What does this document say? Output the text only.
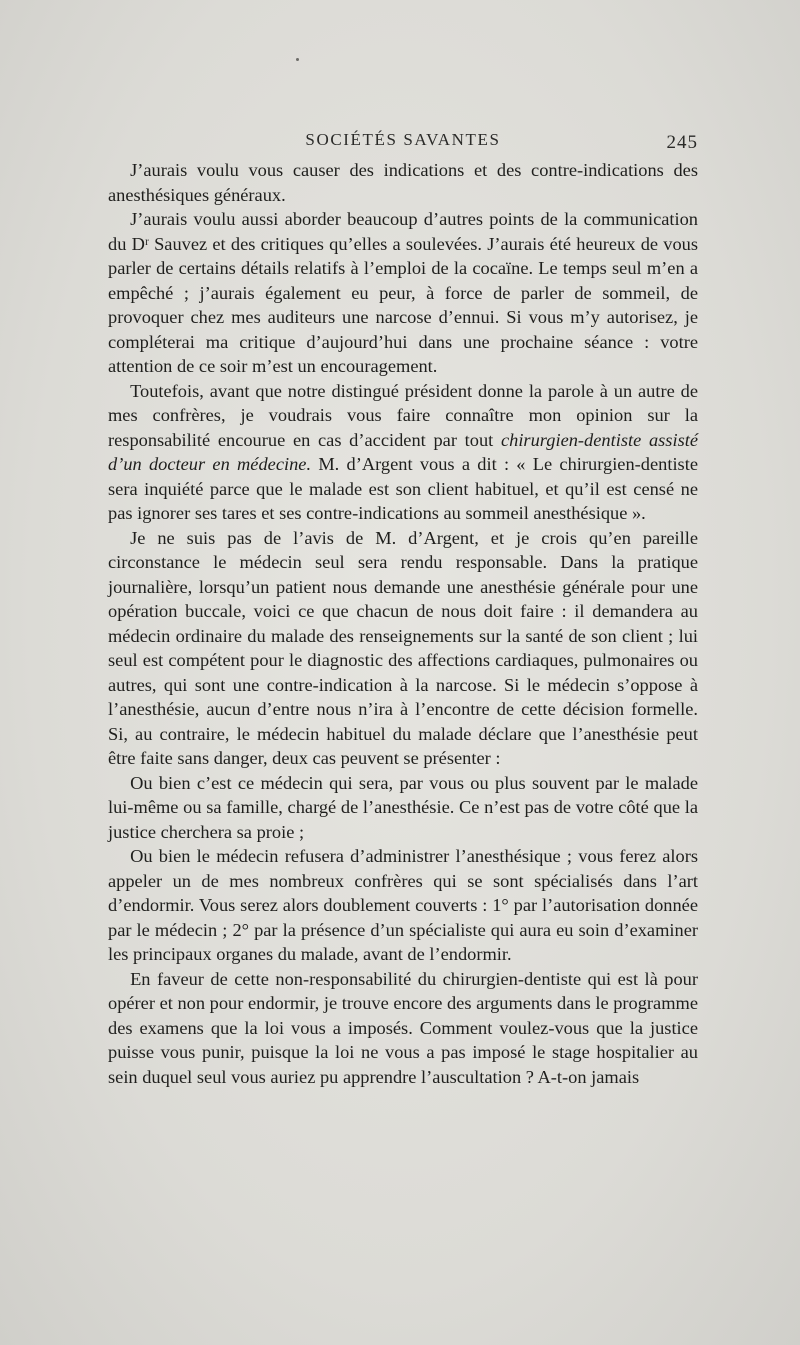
SOCIÉTÉS SAVANTES	245

J’aurais voulu vous causer des indications et des contre-indications des anesthésiques généraux.

J’aurais voulu aussi aborder beaucoup d’autres points de la communication du Dʳ Sauvez et des critiques qu’elles a soulevées. J’aurais été heureux de vous parler de certains détails relatifs à l’emploi de la cocaïne. Le temps seul m’en a empêché ; j’aurais également eu peur, à force de parler de sommeil, de provoquer chez mes auditeurs une narcose d’ennui. Si vous m’y autorisez, je compléterai ma critique d’aujourd’hui dans une prochaine séance : votre attention de ce soir m’est un encouragement.

Toutefois, avant que notre distingué président donne la parole à un autre de mes confrères, je voudrais vous faire connaître mon opinion sur la responsabilité encourue en cas d’accident par tout chirurgien-dentiste assisté d’un docteur en médecine. M. d’Argent vous a dit : « Le chirurgien-dentiste sera inquiété parce que le malade est son client habituel, et qu’il est censé ne pas ignorer ses tares et ses contre-indications au sommeil anesthésique ».

Je ne suis pas de l’avis de M. d’Argent, et je crois qu’en pareille circonstance le médecin seul sera rendu responsable. Dans la pratique journalière, lorsqu’un patient nous demande une anesthésie générale pour une opération buccale, voici ce que chacun de nous doit faire : il demandera au médecin ordinaire du malade des renseignements sur la santé de son client ; lui seul est compétent pour le diagnostic des affections cardiaques, pulmonaires ou autres, qui sont une contre-indication à la narcose. Si le médecin s’oppose à l’anesthésie, aucun d’entre nous n’ira à l’encontre de cette décision formelle. Si, au contraire, le médecin habituel du malade déclare que l’anesthésie peut être faite sans danger, deux cas peuvent se présenter :

Ou bien c’est ce médecin qui sera, par vous ou plus souvent par le malade lui-même ou sa famille, chargé de l’anesthésie. Ce n’est pas de votre côté que la justice cherchera sa proie ;

Ou bien le médecin refusera d’administrer l’anesthésique ; vous ferez alors appeler un de mes nombreux confrères qui se sont spécialisés dans l’art d’endormir. Vous serez alors doublement couverts : 1° par l’autorisation donnée par le médecin ; 2° par la présence d’un spécialiste qui aura eu soin d’examiner les principaux organes du malade, avant de l’endormir.

En faveur de cette non-responsabilité du chirurgien-dentiste qui est là pour opérer et non pour endormir, je trouve encore des arguments dans le programme des examens que la loi vous a imposés. Comment voulez-vous que la justice puisse vous punir, puisque la loi ne vous a pas imposé le stage hospitalier au sein duquel seul vous auriez pu apprendre l’auscultation ? A-t-on jamais
